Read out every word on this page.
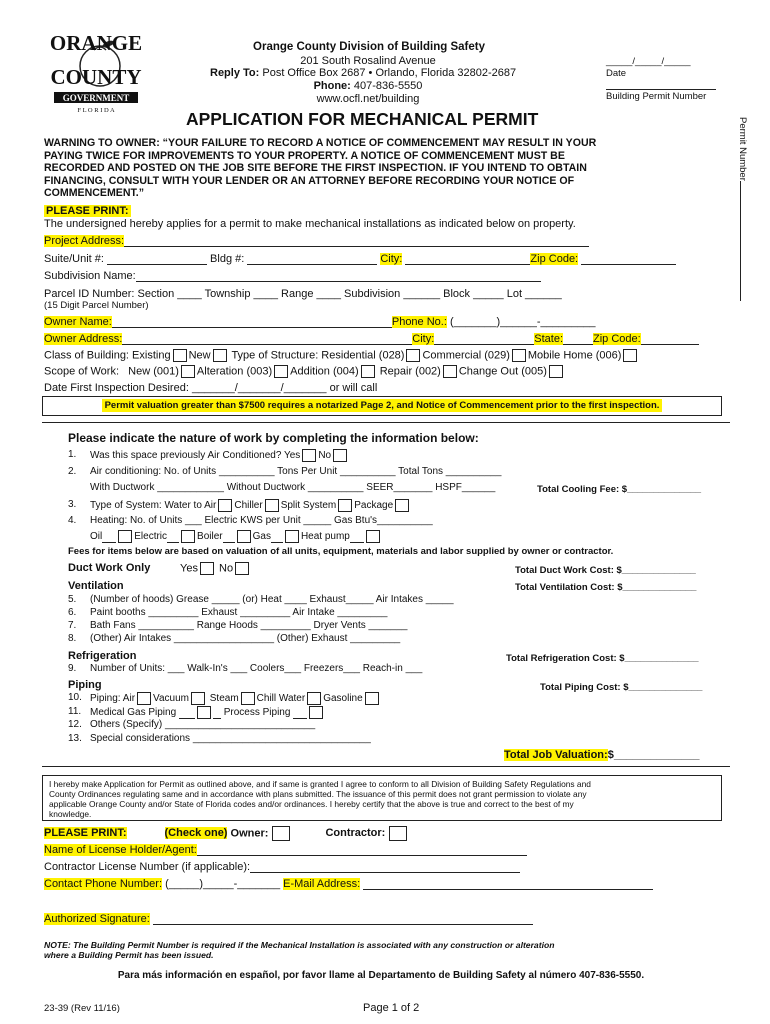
ORANGE
COUNTY
GOVERNMENT
F L O R I D A
Orange County Division of Building Safety
201 South Rosalind Avenue
Reply To: Post Office Box 2687 • Orlando, Florida 32802-2687
Phone: 407-836-5550
www.ocfl.net/building
_____/_____/_____
Date
Building Permit Number
Permit Number
APPLICATION FOR MECHANICAL PERMIT
WARNING TO OWNER: “YOUR FAILURE TO RECORD A NOTICE OF COMMENCEMENT MAY RESULT IN YOUR
PAYING TWICE FOR IMPROVEMENTS TO YOUR PROPERTY. A NOTICE OF COMMENCEMENT MUST BE
RECORDED AND POSTED ON THE JOB SITE BEFORE THE FIRST INSPECTION. IF YOU INTEND TO OBTAIN
FINANCING, CONSULT WITH YOUR LENDER OR AN ATTORNEY BEFORE RECORDING YOUR NOTICE OF
COMMENCEMENT.”
PLEASE PRINT:
The undersigned hereby applies for a permit to make mechanical installations as indicated below on property.
Project Address:
Suite/Unit #:	Bldg #:	City:	Zip Code:
Subdivision Name:
Parcel ID Number: Section ____ Township ____ Range ____ Subdivision ______ Block _____ Lot ______
(15 Digit Parcel Number)
Owner Name:	Phone No.: (_______)______-_________
Owner Address:	City:	State:	Zip Code:
Class of Building: Existing New Type of Structure: Residential (028) Commercial (029) Mobile Home (006)
Scope of Work: New (001) Alteration (003) Addition (004) Repair (002) Change Out (005)
Date First Inspection Desired: _______/_______/_______ or will call
Permit valuation greater than $7500 requires a notarized Page 2, and Notice of Commencement prior to the first inspection.
Please indicate the nature of work by completing the information below:
1. Was this space previously Air Conditioned? Yes No
2. Air conditioning: No. of Units __________ Tons Per Unit __________ Total Tons __________
With Ductwork ____________ Without Ductwork __________ SEER_______ HSPF______	Total Cooling Fee: $______________
3. Type of System: Water to Air Chiller Split System Package
4. Heating: No. of Units ___ Electric KWS per Unit _____ Gas Btu's__________
Oil	Electric	Boiler	Gas	Heat pump
Fees for items below are based on valuation of all units, equipment, materials and labor supplied by owner or contractor.
Duct Work Only	Yes No	Total Duct Work Cost: $______________
Ventilation	Total Ventilation Cost: $______________
5. (Number of hoods) Grease _____ (or) Heat ____ Exhaust_____ Air Intakes _____
6. Paint booths _________ Exhaust _________ Air Intake _________
7. Bath Fans __________ Range Hoods _________ Dryer Vents _______
8. (Other) Air Intakes __________________ (Other) Exhaust _________
Refrigeration	Total Refrigeration Cost: $______________
9. Number of Units: ___ Walk-In's ___ Coolers___ Freezers___ Reach-in ___
Piping	Total Piping Cost: $______________
10. Piping: Air Vacuum Steam Chill Water Gasoline
11. Medical Gas Piping	Process Piping
12. Others (Specify) ___________________________
13. Special considerations ________________________________
Total Job Valuation:$______________
I hereby make Application for Permit as outlined above, and if same is granted I agree to conform to all Division of Building Safety Regulations and
County Ordinances regulating same and in accordance with plans submitted. The issuance of this permit does not grant permission to violate any
applicable Orange County and/or State of Florida codes and/or ordinances. I hereby certify that the above is true and correct to the best of my
knowledge.
PLEASE PRINT:	(Check one) Owner:	Contractor:
Name of License Holder/Agent:
Contractor License Number (if applicable):
Contact Phone Number: (_____)_____-_______ E-Mail Address:
Authorized Signature:
NOTE: The Building Permit Number is required if the Mechanical Installation is associated with any construction or alteration
where a Building Permit has been issued.
Para más información en español, por favor llame al Departamento de Building Safety al número 407-836-5550.
23-39 (Rev 11/16)	Page 1 of 2
